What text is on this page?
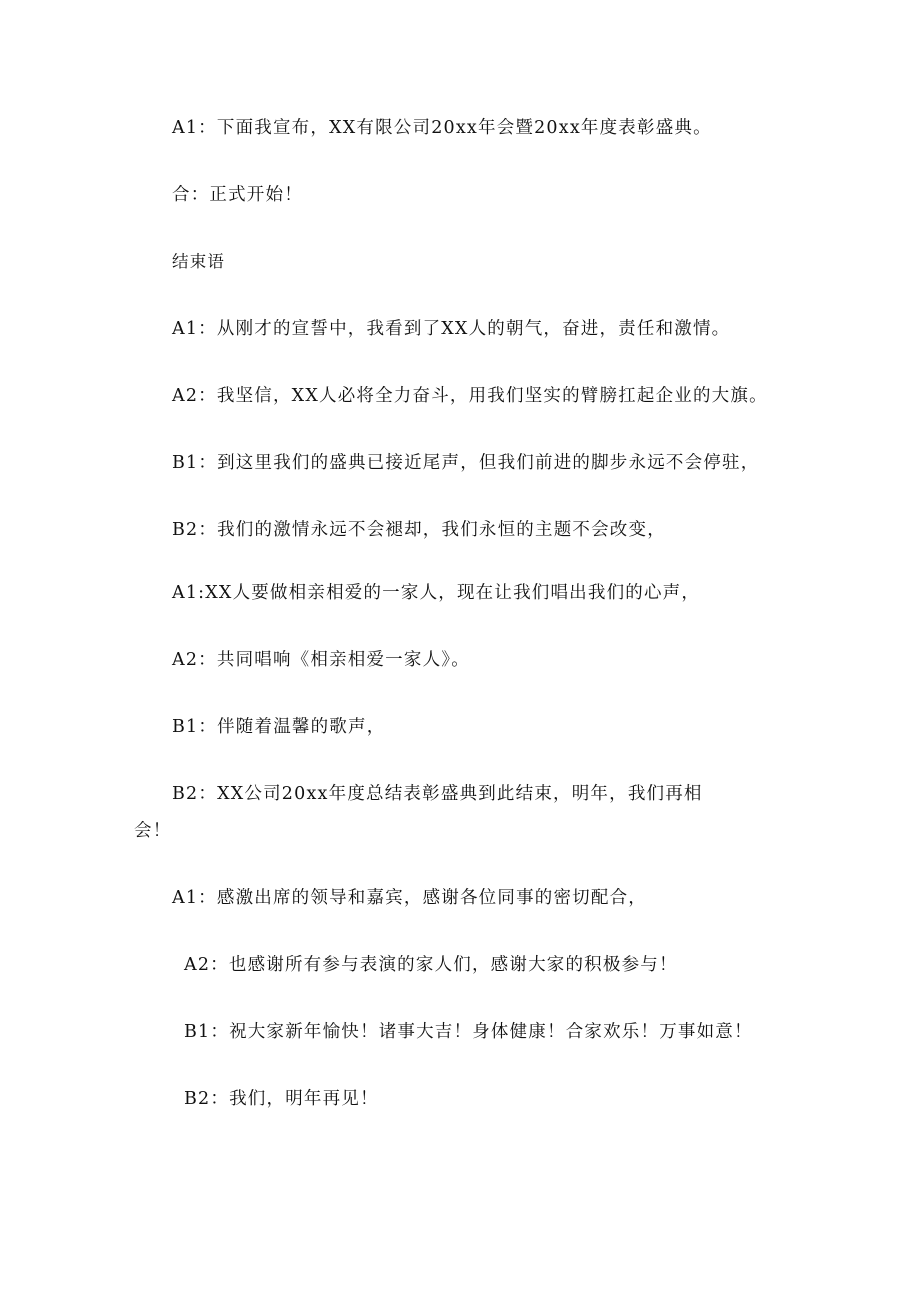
A1：下面我宣布，XX有限公司20xx年会暨20xx年度表彰盛典。
合：正式开始！
结束语
A1：从刚才的宣誓中，我看到了XX人的朝气，奋进，责任和激情。
A2：我坚信，XX人必将全力奋斗，用我们坚实的臂膀扛起企业的大旗。
B1：到这里我们的盛典已接近尾声，但我们前进的脚步永远不会停驻，
B2：我们的激情永远不会褪却，我们永恒的主题不会改变，
A1:XX人要做相亲相爱的一家人，现在让我们唱出我们的心声，
A2：共同唱响《相亲相爱一家人》。
B1：伴随着温馨的歌声，
B2：XX公司20xx年度总结表彰盛典到此结束，明年，我们再相
会！
A1：感激出席的领导和嘉宾，感谢各位同事的密切配合，
A2：也感谢所有参与表演的家人们，感谢大家的积极参与！
B1：祝大家新年愉快！诸事大吉！身体健康！合家欢乐！万事如意！
B2：我们，明年再见！
